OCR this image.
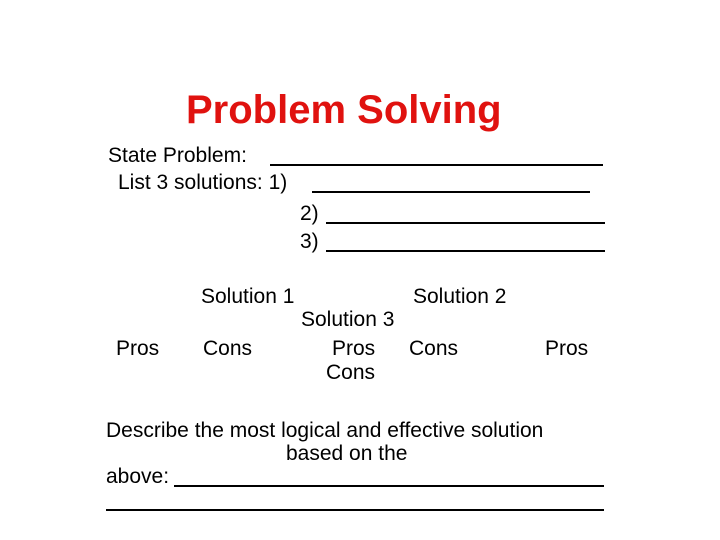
Problem Solving
State Problem:
List 3 solutions: 1)
2)
3)
Solution 1	Solution 2
Solution 3
Pros Cons	Pros Cons	Pros
Cons
Describe the most logical and effective solution
based on the
above:
